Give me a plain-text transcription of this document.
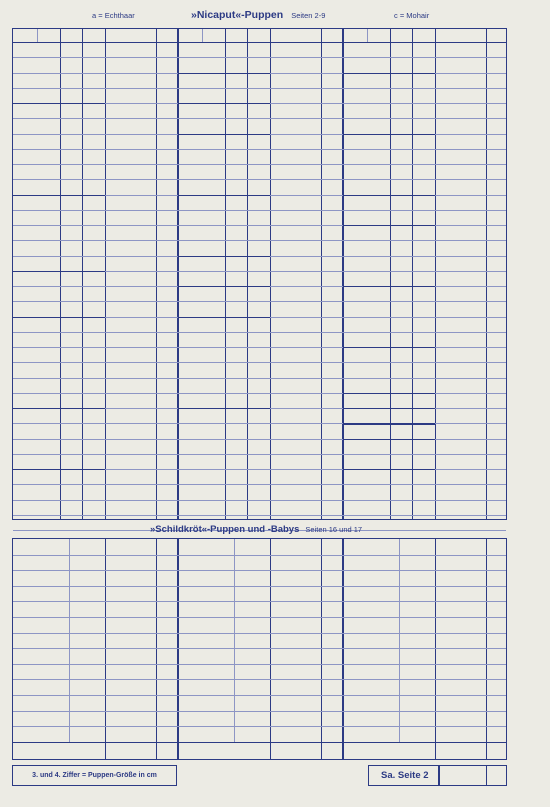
a = Echthaar	»Nicaput«-Puppen Seiten 2-9	c = Mohair
»Schildkröt«-Puppen und -Babys Seiten 16 und 17
3. und 4. Ziffer = Puppen-Größe in cm	Sa. Seite 2
